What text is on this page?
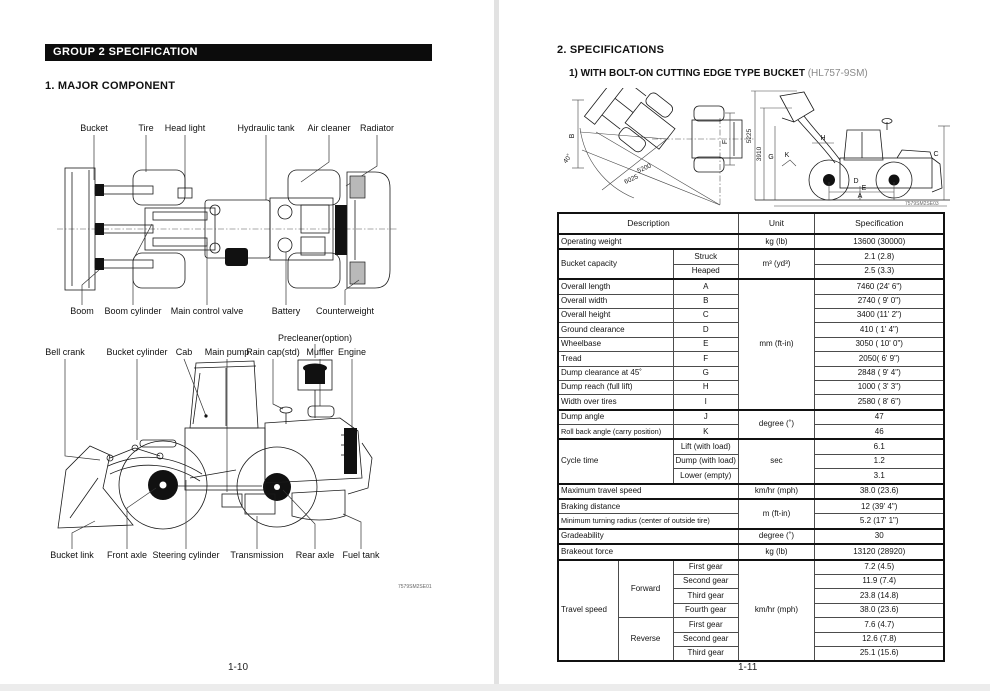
GROUP 2 SPECIFICATION
1. MAJOR COMPONENT
Bucket	Tire Head light	Hydraulic tank Air cleaner Radiator
Boom Boom cylinder Main control valve	Battery Counterweight
Precleaner(option)
Bell crank Bucket cylinder Cab Main pump
Rain cap(std) Muffler Engine
Bucket link Front axle Steering cylinder Transmission Rear axle Fuel tank
7579SM2SE01
1-10
2. SPECIFICATIONS
1) WITH BOLT-ON CUTTING EDGE TYPE BUCKET (HL757-9SM)
40˚
5200
6025
B
F	5225
3910 G
H
K
D
E
A
C
7579SM2SE03
Description			Unit	Specification
Operating weight			kg (lb)	13600 (30000)
Bucket capacity		Struck	m³ (yd³)	2.1 (2.8)
		Heaped		2.5 (3.3)
Overall length		A	mm (ft-in)	7460 (24' 6")
Overall width		B		2740 ( 9' 0")
Overall height		C		3400 (11' 2")
Ground clearance		D		410 ( 1' 4")
Wheelbase		E		3050 ( 10' 0")
Tread		F		2050( 6' 9")
Dump clearance at 45˚		G		2848 ( 9' 4")
Dump reach (full lift)		H		1000 ( 3' 3")
Width over tires		I		2580 ( 8' 6")
Dump angle		J	degree (˚)	47
Roll back angle (carry position)		K		46
Cycle time		Lift (with load)	sec	6.1
		Dump (with load)		1.2
		Lower (empty)		3.1
Maximum travel speed			km/hr (mph)	38.0 (23.6)
Braking distance			m (ft-in)	12 (39' 4")
Minimum turning radius (center of outside tire)				5.2 (17' 1")
Gradeability			degree (˚)	30
Brakeout force			kg (lb)	13120 (28920)
Travel speed	Forward	First gear	km/hr (mph)	7.2 (4.5)
		Second gear		11.9 (7.4)
		Third gear		23.8 (14.8)
		Fourth gear		38.0 (23.6)
	Reverse	First gear		7.6 (4.7)
		Second gear		12.6 (7.8)
		Third gear		25.1 (15.6)
1-11
